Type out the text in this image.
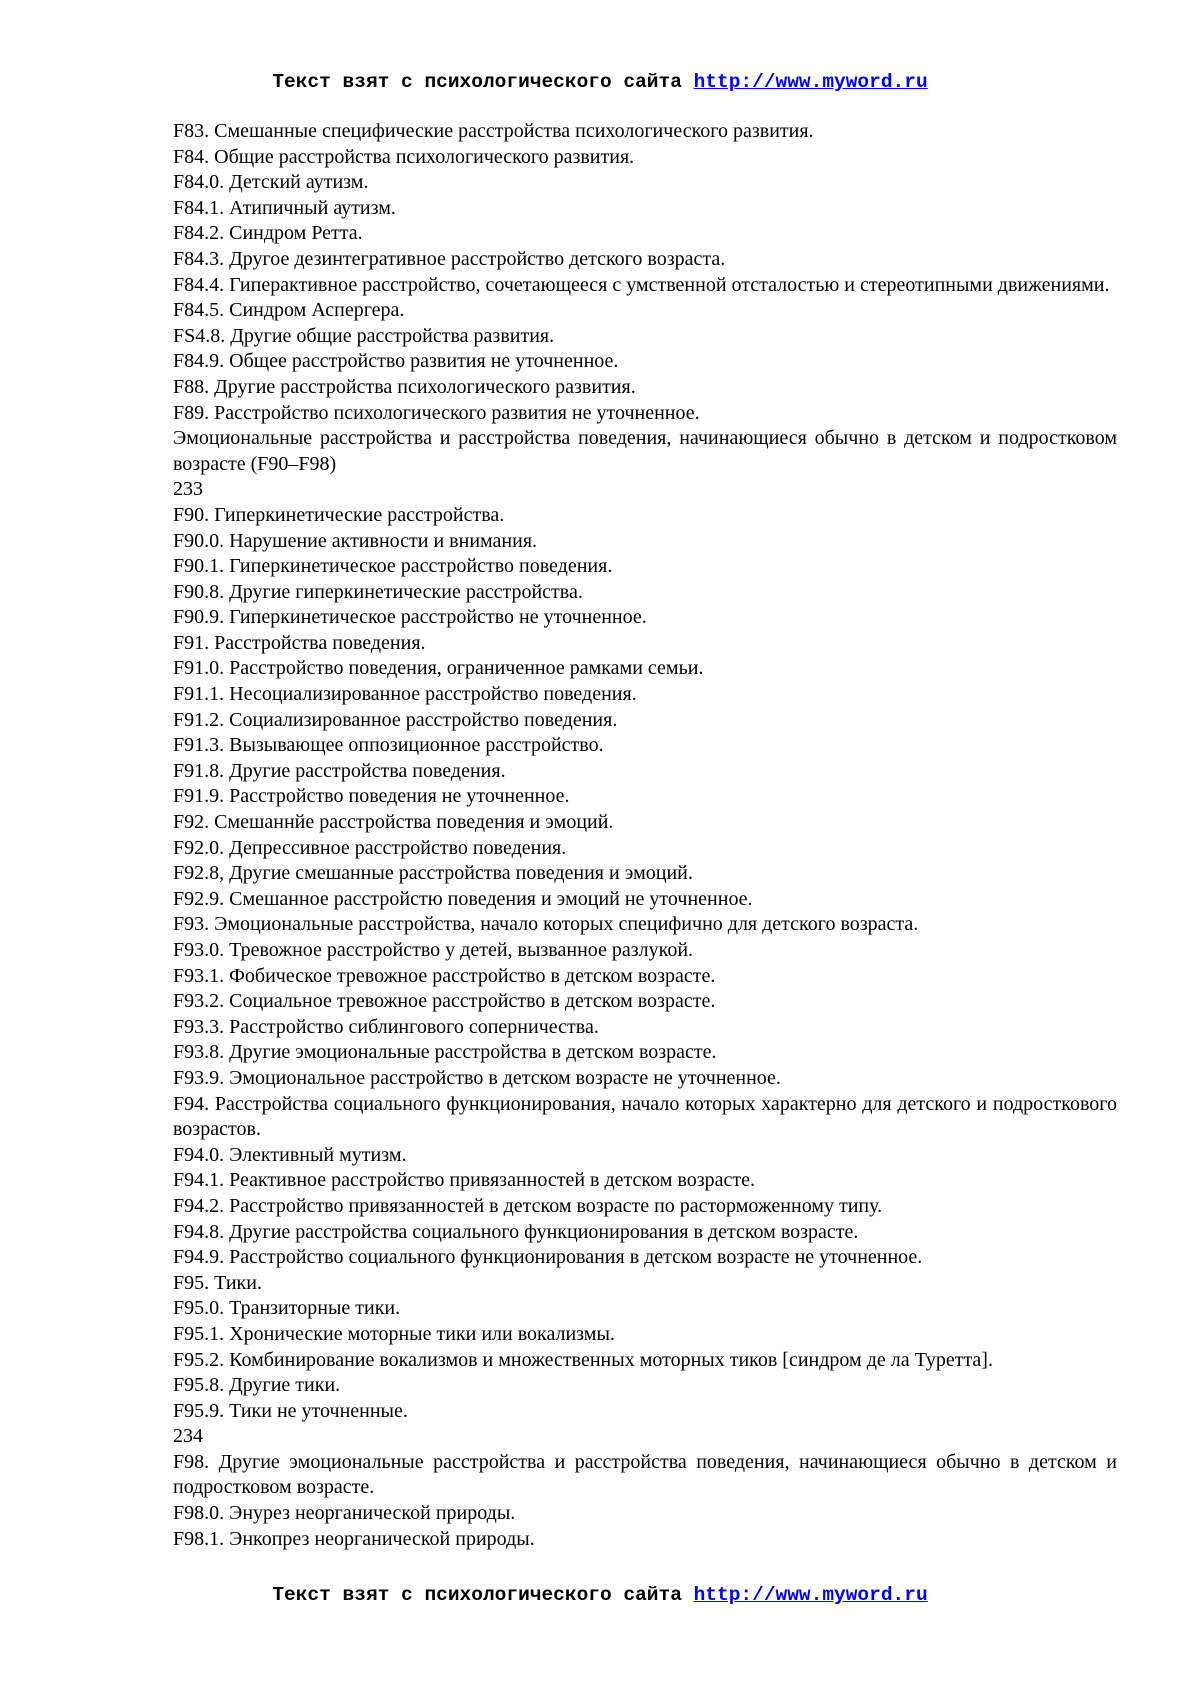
Текст взят с психологического сайта http://www.myword.ru

F83. Смешанные специфические расстройства психологического развития.

F84. Общие расстройства психологического развития.

F84.0. Детский аутизм.

F84.1. Атипичный аутизм.

F84.2. Синдром Ретта.

F84.3. Другое дезинтегративное расстройство детского возраста.

F84.4. Гиперактивное расстройство, сочетающееся с умственной отсталостью и стереотипными движениями.

F84.5. Синдром Аспергера.

FS4.8. Другие общие расстройства развития.

F84.9. Общее расстройство развития не уточненное.

F88. Другие расстройства психологического развития.

F89. Расстройство психологического развития не уточненное.

Эмоциональные расстройства и расстройства поведения, начинающиеся обычно в детском и подростковом возрасте (F90–F98)

233

F90. Гиперкинетические расстройства.

F90.0. Нарушение активности и внимания.

F90.1. Гиперкинетическое расстройство поведения.

F90.8. Другие гиперкинетические расстройства.

F90.9. Гиперкинетическое расстройство не уточненное.

F91. Расстройства поведения.

F91.0. Расстройство поведения, ограниченное рамками семьи.

F91.1. Несоциализированное расстройство поведения.

F91.2. Социализированное расстройство поведения.

F91.3. Вызывающее оппозиционное расстройство.

F91.8. Другие расстройства поведения.

F91.9. Расстройство поведения не уточненное.

F92. Смешаннйе расстройства поведения и эмоций.

F92.0. Депрессивное расстройство поведения.

F92.8, Другие смешанные расстройства поведения и эмоций.

F92.9. Смешанное расстройстю поведения и эмоций не уточненное.

F93. Эмоциональные расстройства, начало которых специфично для детского возраста.

F93.0. Тревожное расстройство у детей, вызванное разлукой.

F93.1. Фобическое тревожное расстройство в детском возрасте.

F93.2. Социальное тревожное расстройство в детском возрасте.

F93.3. Расстройство сиблингового соперничества.

F93.8. Другие эмоциональные расстройства в детском возрасте.

F93.9. Эмоциональное расстройство в детском возрасте не уточненное.

F94. Расстройства социального функционирования, начало которых характерно для детского и подросткового возрастов.

F94.0. Элективный мутизм.

F94.1. Реактивное расстройство привязанностей в детском возрасте.

F94.2. Расстройство привязанностей в детском возрасте по расторможенному типу.

F94.8. Другие расстройства социального функционирования в детском возрасте.

F94.9. Расстройство социального функционирования в детском возрасте не уточненное.

F95. Тики.

F95.0. Транзиторные тики.

F95.1. Хронические моторные тики или вокализмы.

F95.2. Комбинирование вокализмов и множественных моторных тиков [синдром де ла Туретта].

F95.8. Другие тики.

F95.9. Тики не уточненные.

234

F98. Другие эмоциональные расстройства и расстройства поведения, начинающиеся обычно в детском и подростковом возрасте.

F98.0. Энурез неорганической природы.

F98.1. Энкопрез неорганической природы.

Текст взят с психологического сайта http://www.myword.ru
